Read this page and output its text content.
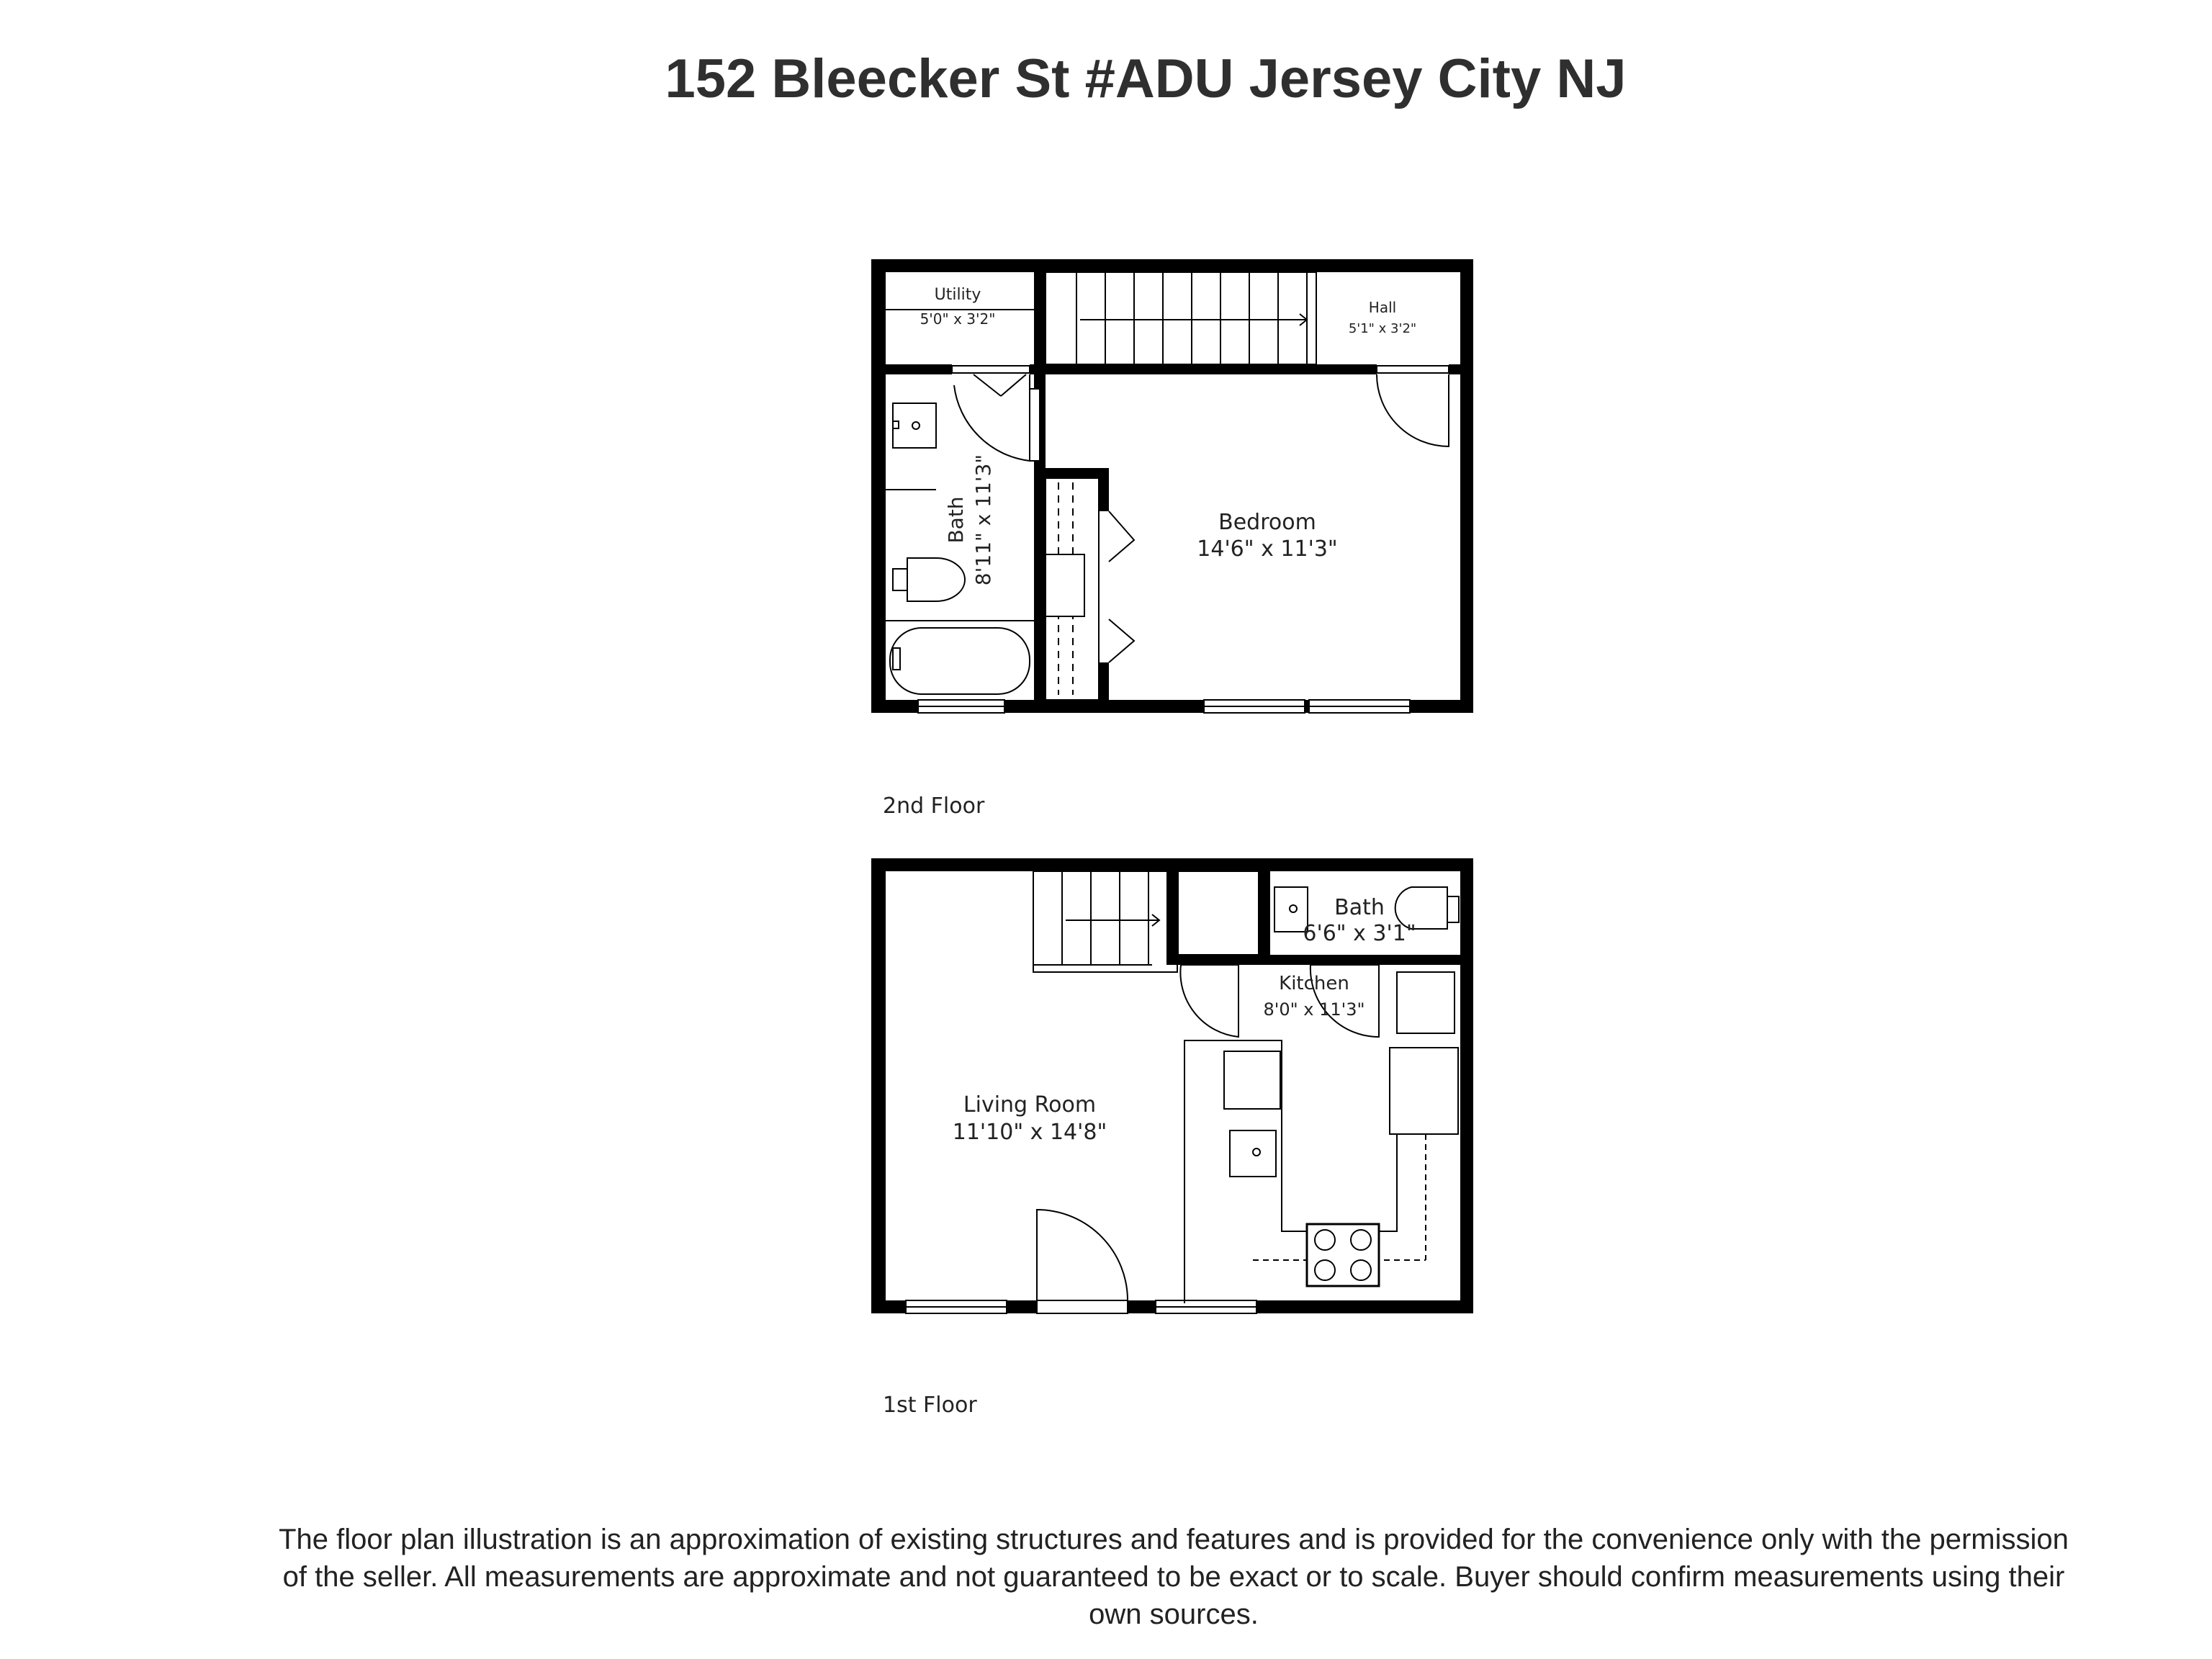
152 Bleecker St #ADU Jersey City NJ
Utility
5'0" x 3'2"
Hall
5'1" x 3'2"
Bath 8'11" x 11'3"	Bedroom
14'6" x 11'3"
Bath
6'6" x 3'1"
Kitchen
8'0" x 11'3"
Living Room
11'10" x 14'8"
2nd Floor
1st Floor
The floor plan illustration is an approximation of existing structures and features and is provided for the convenience only with the permission of the seller. All measurements are approximate and not guaranteed to be exact or to scale. Buyer should confirm measurements using their own sources.
